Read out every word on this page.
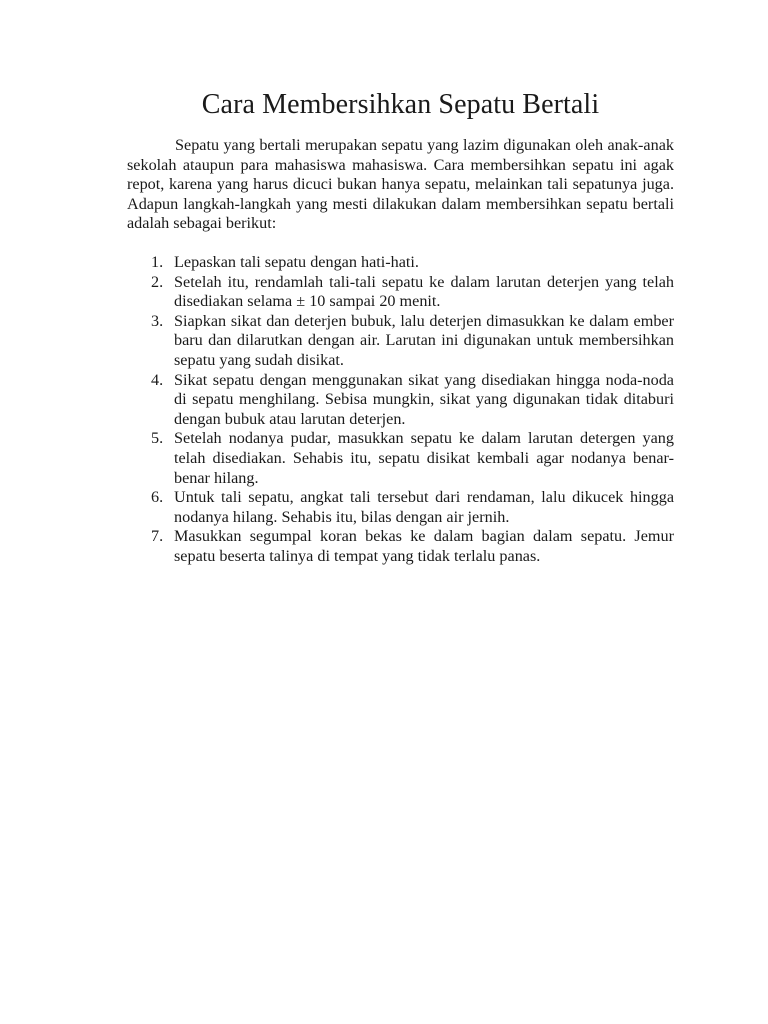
Cara Membersihkan Sepatu Bertali

Sepatu yang bertali merupakan sepatu yang lazim digunakan oleh anak-anak sekolah ataupun para mahasiswa mahasiswa. Cara membersihkan sepatu ini agak repot, karena yang harus dicuci bukan hanya sepatu, melainkan tali sepatunya juga. Adapun langkah-langkah yang mesti dilakukan dalam membersihkan sepatu bertali adalah sebagai berikut:

1. Lepaskan tali sepatu dengan hati-hati.
2. Setelah itu, rendamlah tali-tali sepatu ke dalam larutan deterjen yang telah disediakan selama ± 10 sampai 20 menit.
3. Siapkan sikat dan deterjen bubuk, lalu deterjen dimasukkan ke dalam ember baru dan dilarutkan dengan air. Larutan ini digunakan untuk membersihkan sepatu yang sudah disikat.
4. Sikat sepatu dengan menggunakan sikat yang disediakan hingga noda-noda di sepatu menghilang. Sebisa mungkin, sikat yang digunakan tidak ditaburi dengan bubuk atau larutan deterjen.
5. Setelah nodanya pudar, masukkan sepatu ke dalam larutan detergen yang telah disediakan. Sehabis itu, sepatu disikat kembali agar nodanya benar-benar hilang.
6. Untuk tali sepatu, angkat tali tersebut dari rendaman, lalu dikucek hingga nodanya hilang. Sehabis itu, bilas dengan air jernih.
7. Masukkan segumpal koran bekas ke dalam bagian dalam sepatu. Jemur sepatu beserta talinya di tempat yang tidak terlalu panas.
